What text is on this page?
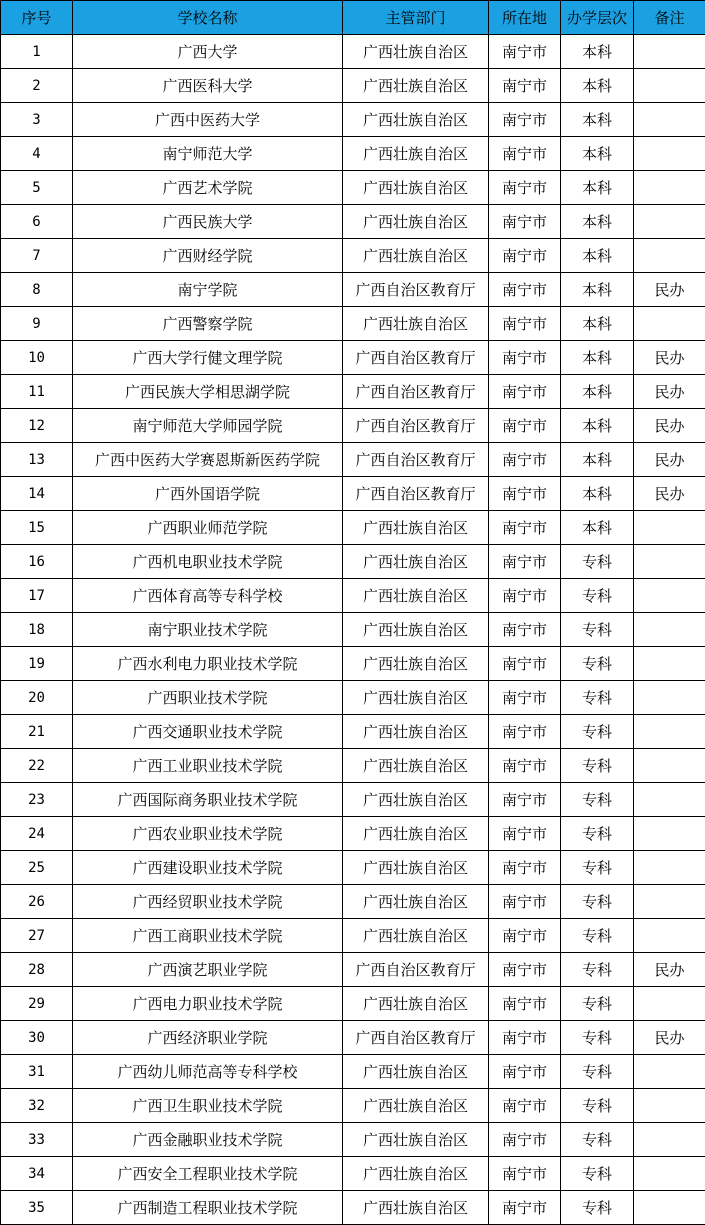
序号	学校名称	主管部门	所在地	办学层次	备注
1	广西大学	广西壮族自治区	南宁市	本科	
2	广西医科大学	广西壮族自治区	南宁市	本科	
3	广西中医药大学	广西壮族自治区	南宁市	本科	
4	南宁师范大学	广西壮族自治区	南宁市	本科	
5	广西艺术学院	广西壮族自治区	南宁市	本科	
6	广西民族大学	广西壮族自治区	南宁市	本科	
7	广西财经学院	广西壮族自治区	南宁市	本科	
8	南宁学院	广西自治区教育厅	南宁市	本科	民办
9	广西警察学院	广西壮族自治区	南宁市	本科	
10	广西大学行健文理学院	广西自治区教育厅	南宁市	本科	民办
11	广西民族大学相思湖学院	广西自治区教育厅	南宁市	本科	民办
12	南宁师范大学师园学院	广西自治区教育厅	南宁市	本科	民办
13	广西中医药大学赛恩斯新医药学院	广西自治区教育厅	南宁市	本科	民办
14	广西外国语学院	广西自治区教育厅	南宁市	本科	民办
15	广西职业师范学院	广西壮族自治区	南宁市	本科	
16	广西机电职业技术学院	广西壮族自治区	南宁市	专科	
17	广西体育高等专科学校	广西壮族自治区	南宁市	专科	
18	南宁职业技术学院	广西壮族自治区	南宁市	专科	
19	广西水利电力职业技术学院	广西壮族自治区	南宁市	专科	
20	广西职业技术学院	广西壮族自治区	南宁市	专科	
21	广西交通职业技术学院	广西壮族自治区	南宁市	专科	
22	广西工业职业技术学院	广西壮族自治区	南宁市	专科	
23	广西国际商务职业技术学院	广西壮族自治区	南宁市	专科	
24	广西农业职业技术学院	广西壮族自治区	南宁市	专科	
25	广西建设职业技术学院	广西壮族自治区	南宁市	专科	
26	广西经贸职业技术学院	广西壮族自治区	南宁市	专科	
27	广西工商职业技术学院	广西壮族自治区	南宁市	专科	
28	广西演艺职业学院	广西自治区教育厅	南宁市	专科	民办
29	广西电力职业技术学院	广西壮族自治区	南宁市	专科	
30	广西经济职业学院	广西自治区教育厅	南宁市	专科	民办
31	广西幼儿师范高等专科学校	广西壮族自治区	南宁市	专科	
32	广西卫生职业技术学院	广西壮族自治区	南宁市	专科	
33	广西金融职业技术学院	广西壮族自治区	南宁市	专科	
34	广西安全工程职业技术学院	广西壮族自治区	南宁市	专科	
35	广西制造工程职业技术学院	广西壮族自治区	南宁市	专科	
